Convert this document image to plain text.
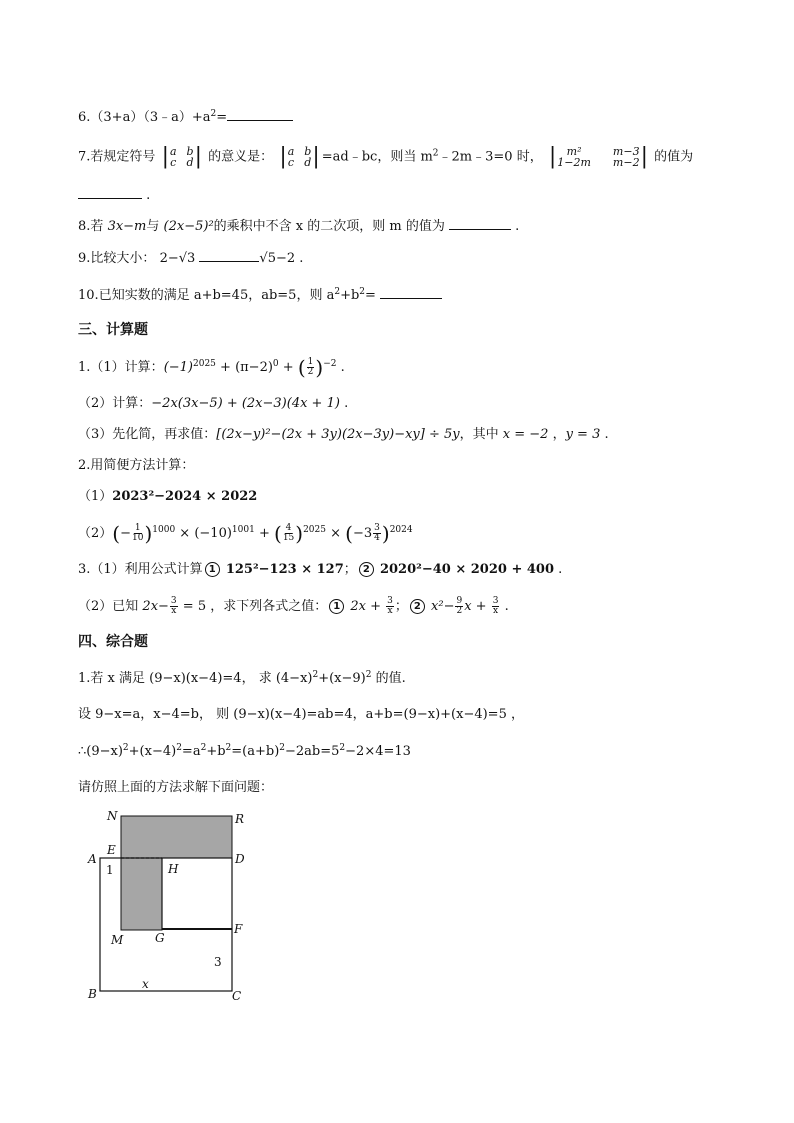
$6.(3+a)(3﹣a)+a^2=$
7.若规定符号 | a b
c d | 的意义是： | a b
c d | =ad﹣bc，则当 $m^2﹣2m﹣3=0$ 时， | m²	m−3
1−2m m−2 | 的值为
.
8.若 3x−m与 (2x−5)²的乘积中不含 x 的二次项，则 m 的值为	.
9.比较大小： 2−√3	√5−2 .
10.已知实数的满足 a+b=45，ab=5，则 $a^2+b^2=$
三、计算题
1.（1）计算：$(-1)^{2025} + (\pi-2)^0$ + ( $\frac{1}{2} )^{-2}$ .
（2）计算：−2x(3x−5) + (2x−3)(4x + 1) .
（3）先化简，再求值：[(2x−y)²−(2x + 3y)(2x−3y)−xy] ÷ 5y，其中 x = −2 ，y = 3 .
2.用简便方法计算：
（1）2023²−2024 × 2022
$(2)(- \frac{1}{10} )^{1000} \times (-10)^{1001}$ + ( $\frac{4}{15} )^{2025} \times (-3 \frac{3}{4} )^{2024}$
3.（1）利用公式计算 1 125²−123 × 127； 2 2020²−40 × 2020 + 400 .
（2）已知 $2x- \frac{3}{x} = 5$ ，求下列各式之值： 1 $2x + \frac{3}{x}$ ； 2 $x^2- \frac{9}{2}$ $x + \frac{3}{x}$ .
四、综合题
1.若 x 满足 (9−x)(x−4)=4， 求 $(4-x)^2+(x-9)^2$ 的值.
设 9−x=a，x−4=b， 则 (9−x)(x−4)=ab=4，a+b=(9−x)+(x−4)=5 ，
$\therefore(9-x)^2+(x-4)^2=a^2+b^2=(a+b)^2-2ab=5^2-2\times 4=13$
请仿照上面的方法求解下面问题：
N	R
A
E
D
H
1
M	G
F
3
B
x
C
